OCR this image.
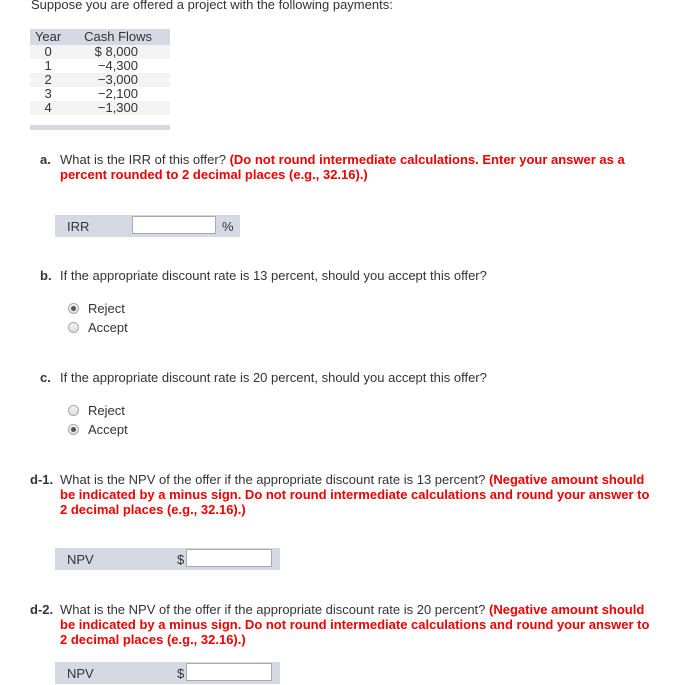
Suppose you are offered a project with the following payments:
Year	Cash Flows
0	$ 8,000
1	−4,300
2	−3,000
3	−2,100
4	−1,300
a. What is the IRR of this offer? (Do not round intermediate calculations. Enter your answer as a percent rounded to 2 decimal places (e.g., 32.16).)
IRR	%
b. If the appropriate discount rate is 13 percent, should you accept this offer?
Reject
Accept
c. If the appropriate discount rate is 20 percent, should you accept this offer?
Reject
Accept
d-1. What is the NPV of the offer if the appropriate discount rate is 13 percent? (Negative amount should be indicated by a minus sign. Do not round intermediate calculations and round your answer to 2 decimal places (e.g., 32.16).)
NPV	$
d-2. What is the NPV of the offer if the appropriate discount rate is 20 percent? (Negative amount should be indicated by a minus sign. Do not round intermediate calculations and round your answer to 2 decimal places (e.g., 32.16).)
NPV	$
